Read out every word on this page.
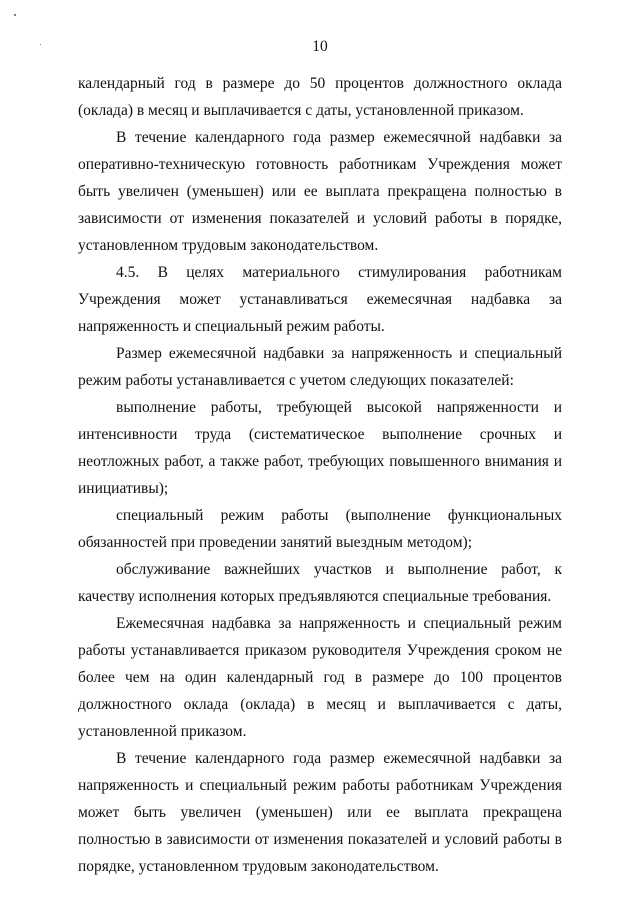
10

календарный год в размере до 50 процентов должностного оклада (оклада) в месяц и выплачивается с даты, установленной приказом.

В течение календарного года размер ежемесячной надбавки за оперативно-техническую готовность работникам Учреждения может быть увеличен (уменьшен) или ее выплата прекращена полностью в зависимости от изменения показателей и условий работы в порядке, установленном трудовым законодательством.

4.5. В целях материального стимулирования работникам Учреждения может устанавливаться ежемесячная надбавка за напряженность и специальный режим работы.

Размер ежемесячной надбавки за напряженность и специальный режим работы устанавливается с учетом следующих показателей:

выполнение работы, требующей высокой напряженности и интенсивности труда (систематическое выполнение срочных и неотложных работ, а также работ, требующих повышенного внимания и инициативы);

специальный режим работы (выполнение функциональных обязанностей при проведении занятий выездным методом);

обслуживание важнейших участков и выполнение работ, к качеству исполнения которых предъявляются специальные требования.

Ежемесячная надбавка за напряженность и специальный режим работы устанавливается приказом руководителя Учреждения сроком не более чем на один календарный год в размере до 100 процентов должностного оклада (оклада) в месяц и выплачивается с даты, установленной приказом.

В течение календарного года размер ежемесячной надбавки за напряженность и специальный режим работы работникам Учреждения может быть увеличен (уменьшен) или ее выплата прекращена полностью в зависимости от изменения показателей и условий работы в порядке, установленном трудовым законодательством.
